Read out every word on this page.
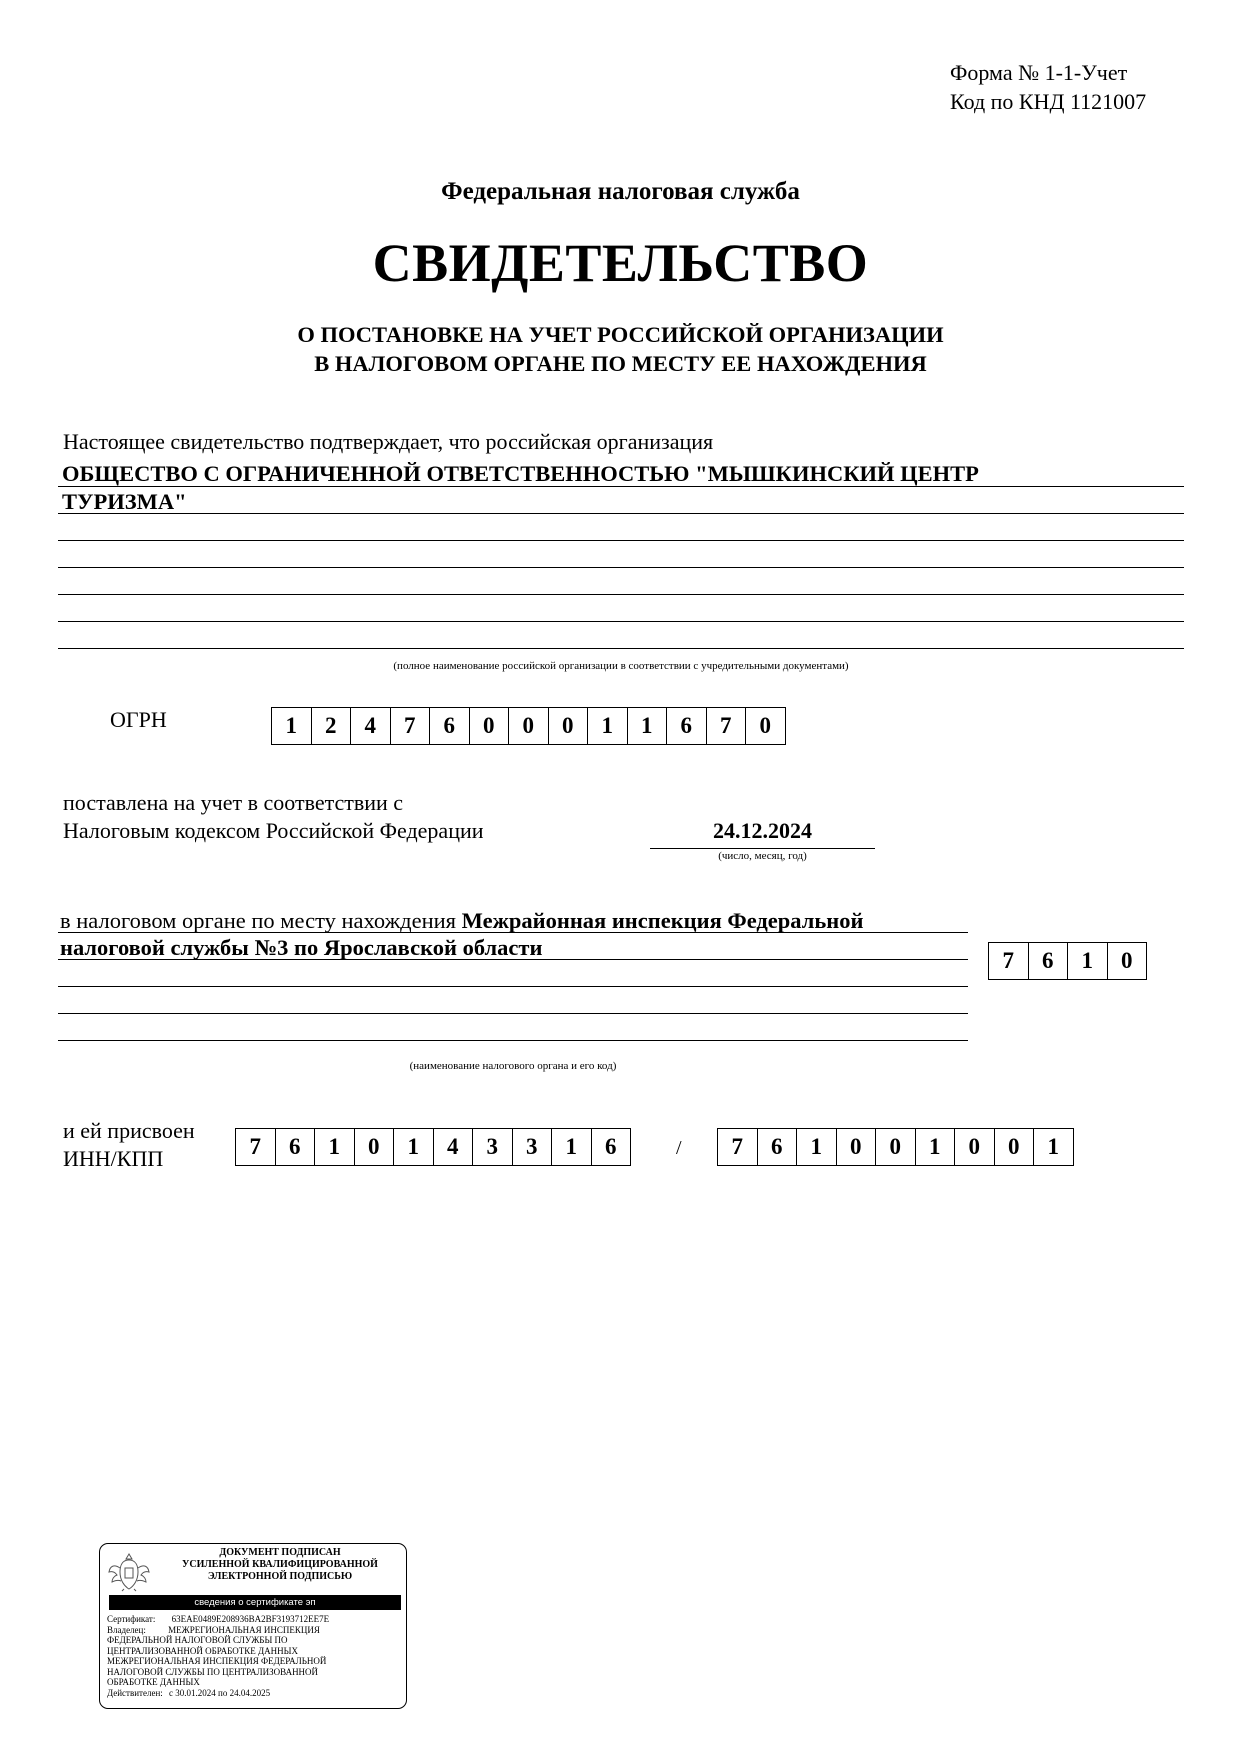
Форма № 1-1-Учет
Код по КНД 1121007
Федеральная налоговая служба
СВИДЕТЕЛЬСТВО
О ПОСТАНОВКЕ НА УЧЕТ РОССИЙСКОЙ ОРГАНИЗАЦИИ
В НАЛОГОВОМ ОРГАНЕ ПО МЕСТУ ЕЕ НАХОЖДЕНИЯ
Настоящее свидетельство подтверждает, что российская организация
ОБЩЕСТВО С ОГРАНИЧЕННОЙ ОТВЕТСТВЕННОСТЬЮ "МЫШКИНСКИЙ ЦЕНТР
ТУРИЗМА"
(полное наименование российской организации в соответствии с учредительными документами)
ОГРН	1	2	4	7	6	0	0	0	1	1	6	7	0
поставлена на учет в соответствии с
Налоговым кодексом Российской Федерации	24.12.2024
(число, месяц, год)
в налоговом органе по месту нахождения Межрайонная инспекция Федеральной
налоговой службы №3 по Ярославской области
7	6	1	0
(наименование налогового органа и его код)
и ей присвоен
ИНН/КПП	7	6	1	0	1	4	3	3	1	6	/	7	6	1	0	0	1	0	0	1
ДОКУМЕНТ ПОДПИСАН
УСИЛЕННОЙ КВАЛИФИЦИРОВАННОЙ
ЭЛЕКТРОННОЙ ПОДПИСЬЮ
сведения о сертификате эп
Сертификат: 63EAE0489E208936BA2BF3193712EE7E
Владелец: МЕЖРЕГИОНАЛЬНАЯ ИНСПЕКЦИЯ
ФЕДЕРАЛЬНОЙ НАЛОГОВОЙ СЛУЖБЫ ПО
ЦЕНТРАЛИЗОВАННОЙ ОБРАБОТКЕ ДАННЫХ
МЕЖРЕГИОНАЛЬНАЯ ИНСПЕКЦИЯ ФЕДЕРАЛЬНОЙ
НАЛОГОВОЙ СЛУЖБЫ ПО ЦЕНТРАЛИЗОВАННОЙ
ОБРАБОТКЕ ДАННЫХ
Действителен: с 30.01.2024 по 24.04.2025
